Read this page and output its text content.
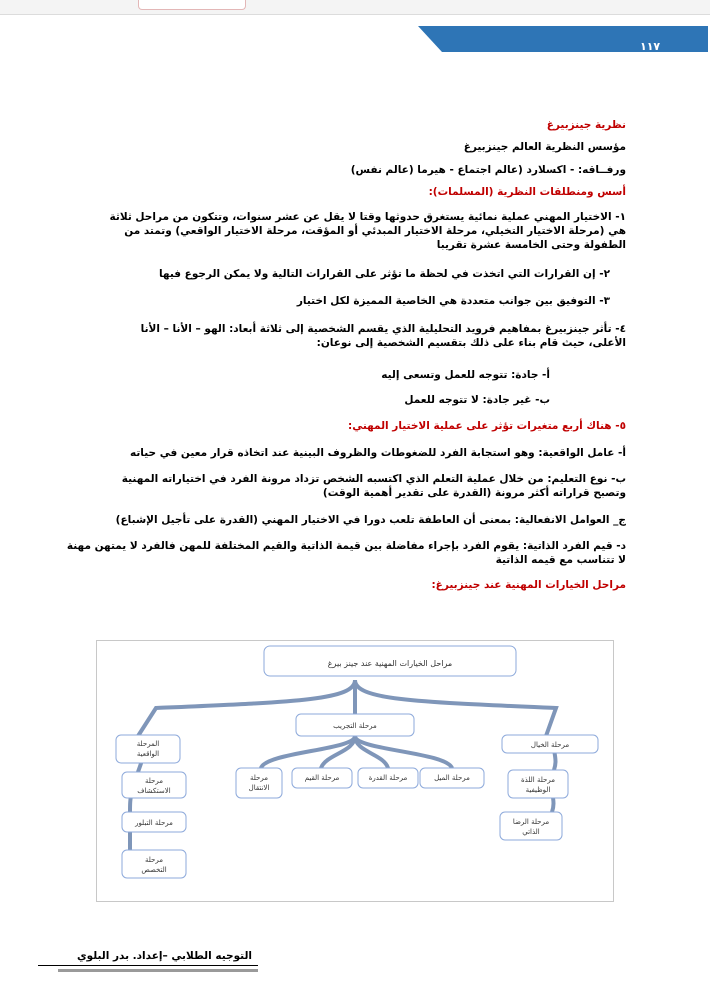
١١٧
نظرية جينزبيرغ
مؤسس النظرية العالم جينزبيرغ
ورفــاقه: - اكسلارد (عالم اجتماع - هيرما (عالم نفس)
أسس ومنطلقات النظرية (المسلمات):
١- الاختيار المهني عملية نمائية يستغرق حدوثها وقتا لا يقل عن عشر سنوات، وتتكون من مراحل ثلاثة
هي (مرحلة الاختيار التخيلي، مرحلة الاختيار المبدئي أو المؤقت، مرحلة الاختيار الواقعي) وتمتد من
الطفولة وحتى الخامسة عشرة تقريبا
٢- إن القرارات التي اتخذت في لحظة ما تؤثر على القرارات التالية ولا يمكن الرجوع فيها
٣- التوفيق بين جوانب متعددة هي الخاصية المميزة لكل اختيار
٤- تأثر جينزبيرغ بمفاهيم فرويد التحليلية الذي يقسم الشخصية إلى ثلاثة أبعاد: الهو – الأنا – الأنا
الأعلى، حيث قام بناء على ذلك بتقسيم الشخصية إلى نوعان:
أ- جادة: تتوجه للعمل وتسعى إليه
ب- غير جادة: لا تتوجه للعمل
٥- هناك أربع متغيرات تؤثر على عملية الاختيار المهني:
أ- عامل الواقعية: وهو استجابة الفرد للضغوطات والظروف البينية عند اتخاذه قرار معين في حياته
ب- نوع التعليم: من خلال عملية التعلم الذي اكتسبه الشخص تزداد مرونة الفرد في اختياراته المهنية
وتصبح قراراته أكثر مرونة (القدرة على تقدير أهمية الوقت)
ج_ العوامل الانفعالية: بمعنى أن العاطفة تلعب دورا في الاختيار المهني (القدرة على تأجيل الإشباع)
د- قيم الفرد الذاتية: يقوم الفرد بإجراء مفاضلة بين قيمة الذاتية والقيم المختلفة للمهن فالفرد لا يمتهن مهنة
لا تتناسب مع قيمه الذاتية
مراحل الخيارات المهنية عند جينزبيرغ:
مراحل الخيارات المهنية عند جينز بيرغ
مرحلة التجريب
المرحلة
الواقعية
مرحلة الخيال
مرحلة
الانتقال
مرحلة القيم	مرحلة القدرة	مرحلة الميل
مرحلة
الاستكشاف
مرحلة اللذة
الوظيفية
مرحلة التبلور	مرحلة الرضا
الذاتي
مرحلة
التخصص
التوجيه الطلابي –إعداد. بدر البلوي
